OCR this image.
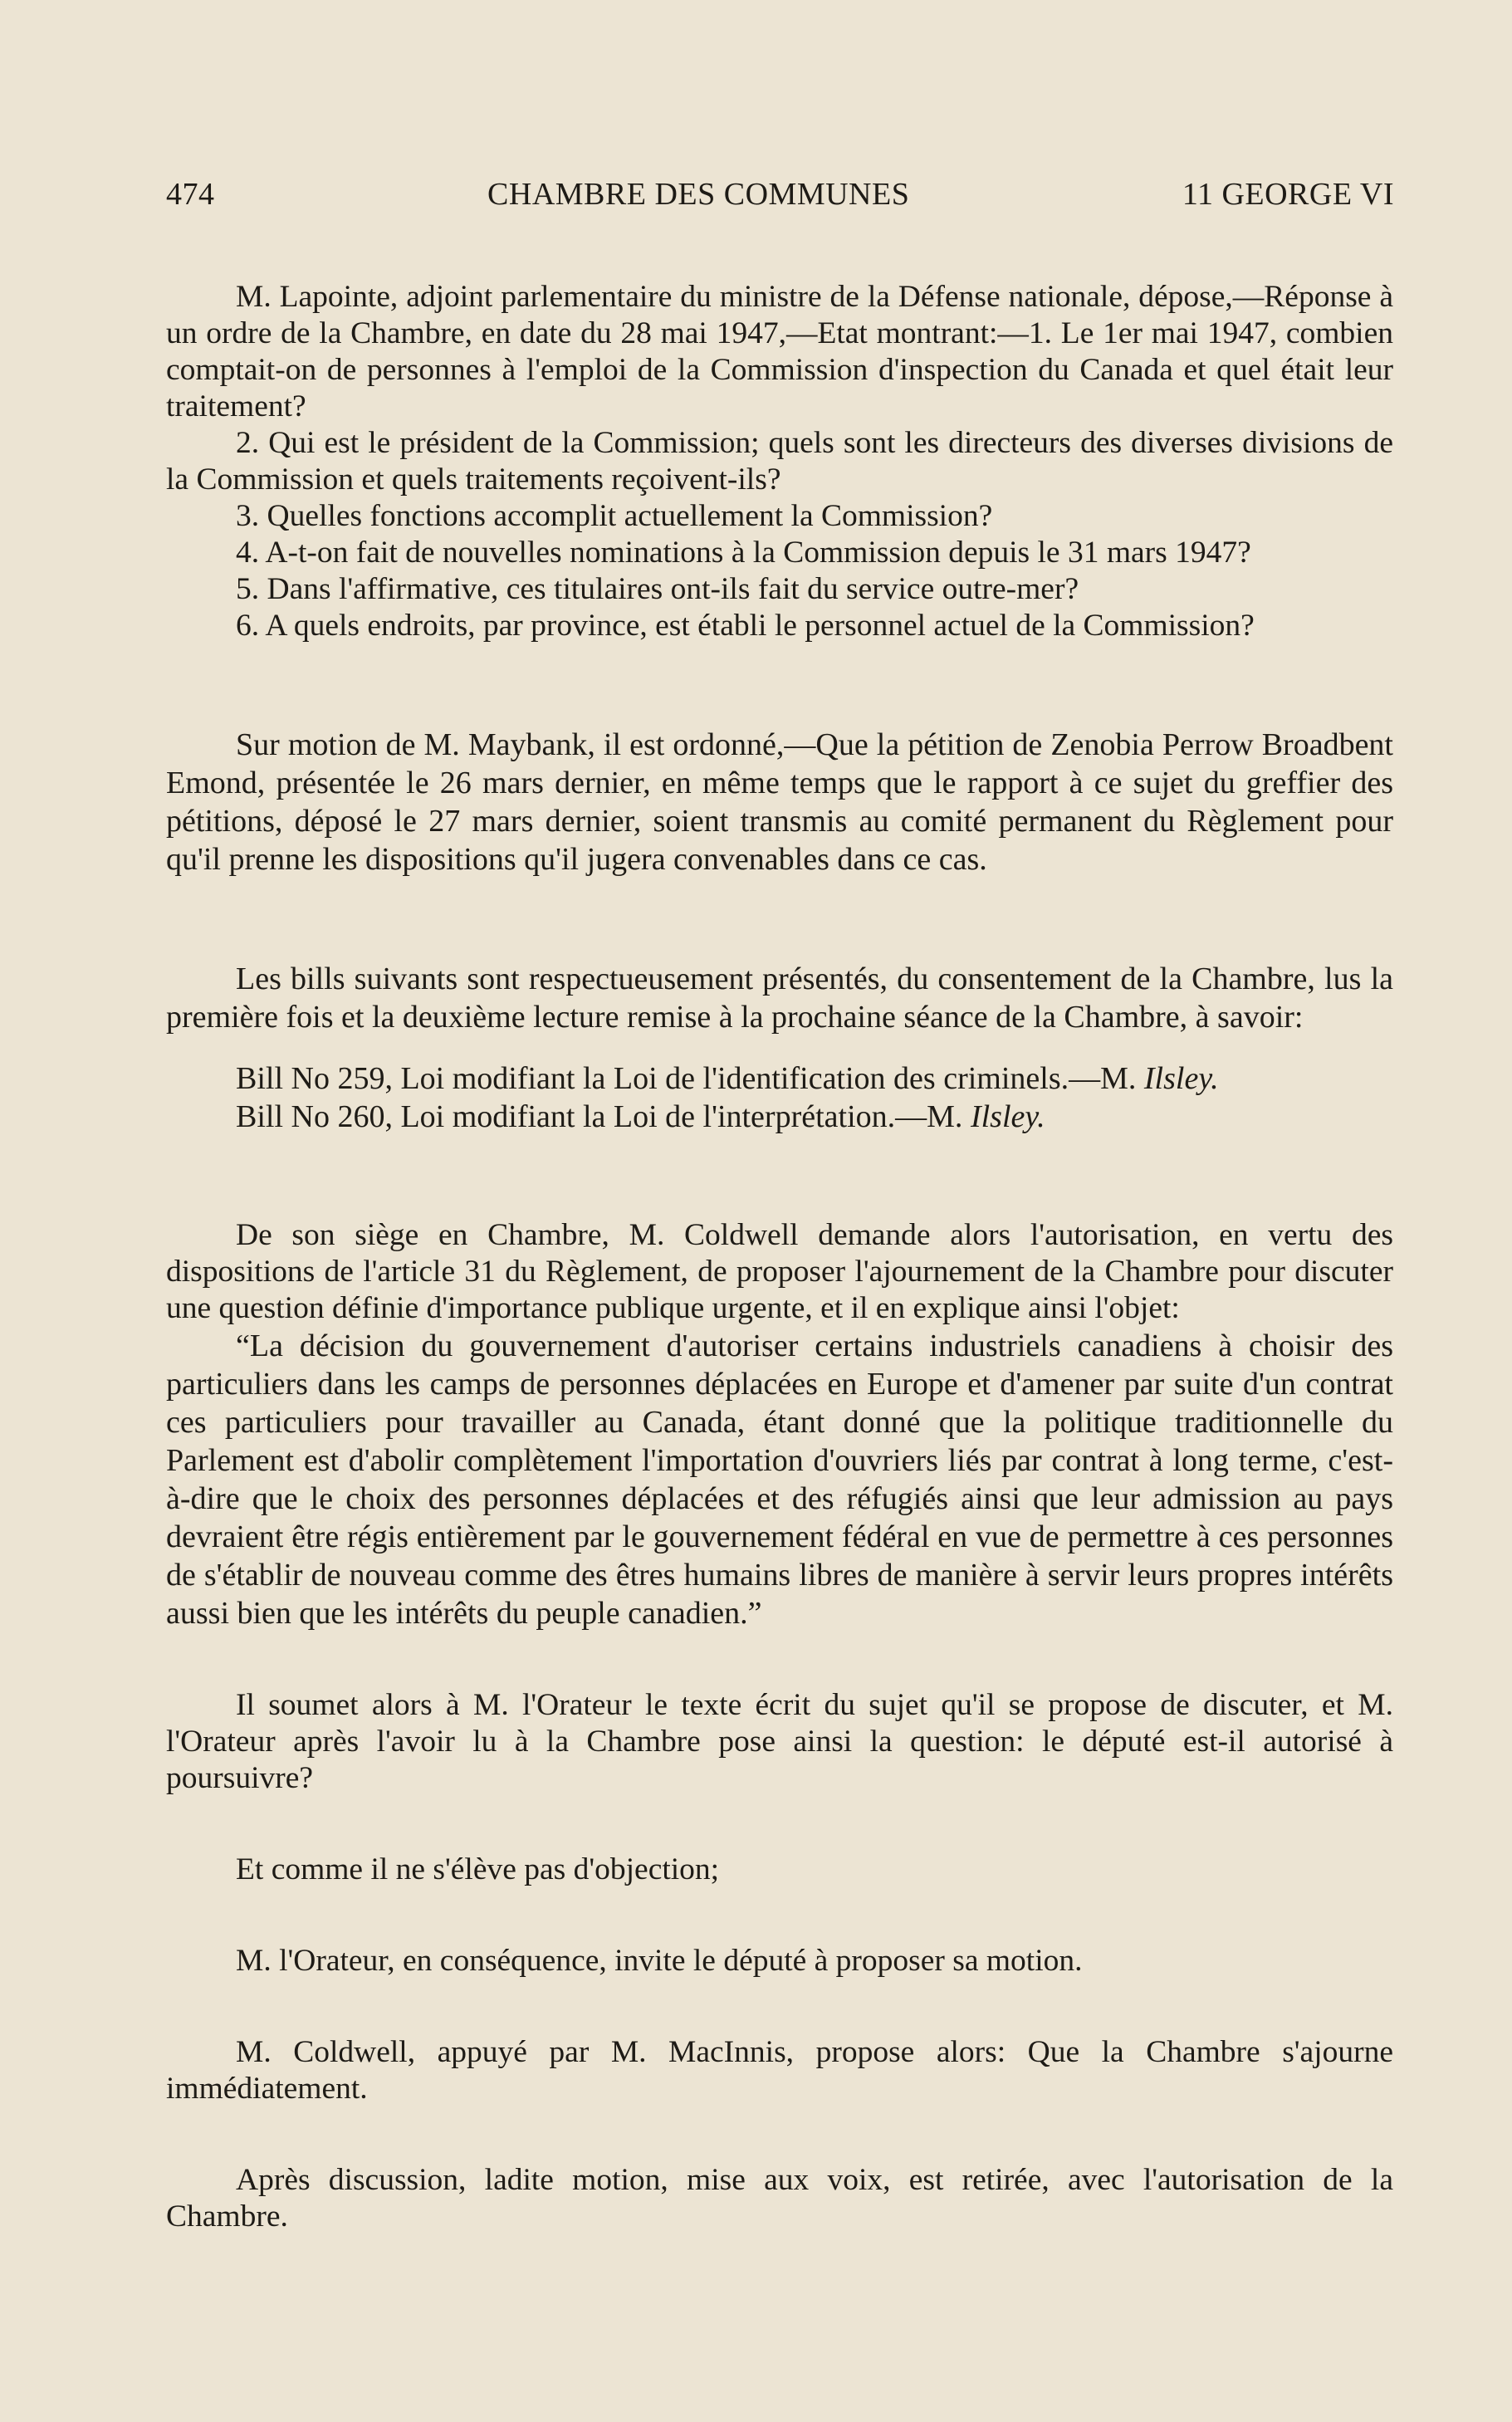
474	CHAMBRE DES COMMUNES	11 GEORGE VI

M. Lapointe, adjoint parlementaire du ministre de la Défense nationale, dépose,—Réponse à un ordre de la Chambre, en date du 28 mai 1947,—Etat montrant:—1. Le 1er mai 1947, combien comptait-on de personnes à l'emploi de la Commission d'inspection du Canada et quel était leur traitement?

2. Qui est le président de la Commission; quels sont les directeurs des diverses divisions de la Commission et quels traitements reçoivent-ils?

3. Quelles fonctions accomplit actuellement la Commission?

4. A-t-on fait de nouvelles nominations à la Commission depuis le 31 mars 1947?

5. Dans l'affirmative, ces titulaires ont-ils fait du service outre-mer?

6. A quels endroits, par province, est établi le personnel actuel de la Commission?

Sur motion de M. Maybank, il est ordonné,—Que la pétition de Zenobia Perrow Broadbent Emond, présentée le 26 mars dernier, en même temps que le rapport à ce sujet du greffier des pétitions, déposé le 27 mars dernier, soient transmis au comité permanent du Règlement pour qu'il prenne les dispositions qu'il jugera convenables dans ce cas.

Les bills suivants sont respectueusement présentés, du consentement de la Chambre, lus la première fois et la deuxième lecture remise à la prochaine séance de la Chambre, à savoir:

Bill No 259, Loi modifiant la Loi de l'identification des criminels.—M. Ilsley.

Bill No 260, Loi modifiant la Loi de l'interprétation.—M. Ilsley.

De son siège en Chambre, M. Coldwell demande alors l'autorisation, en vertu des dispositions de l'article 31 du Règlement, de proposer l'ajournement de la Chambre pour discuter une question définie d'importance publique urgente, et il en explique ainsi l'objet:

“La décision du gouvernement d'autoriser certains industriels canadiens à choisir des particuliers dans les camps de personnes déplacées en Europe et d'amener par suite d'un contrat ces particuliers pour travailler au Canada, étant donné que la politique traditionnelle du Parlement est d'abolir complètement l'importation d'ouvriers liés par contrat à long terme, c'est-à-dire que le choix des personnes déplacées et des réfugiés ainsi que leur admission au pays devraient être régis entièrement par le gouvernement fédéral en vue de permettre à ces personnes de s'établir de nouveau comme des êtres humains libres de manière à servir leurs propres intérêts aussi bien que les intérêts du peuple canadien.”

Il soumet alors à M. l'Orateur le texte écrit du sujet qu'il se propose de discuter, et M. l'Orateur après l'avoir lu à la Chambre pose ainsi la question: le député est-il autorisé à poursuivre?

Et comme il ne s'élève pas d'objection;

M. l'Orateur, en conséquence, invite le député à proposer sa motion.

M. Coldwell, appuyé par M. MacInnis, propose alors: Que la Chambre s'ajourne immédiatement.

Après discussion, ladite motion, mise aux voix, est retirée, avec l'autorisation de la Chambre.
